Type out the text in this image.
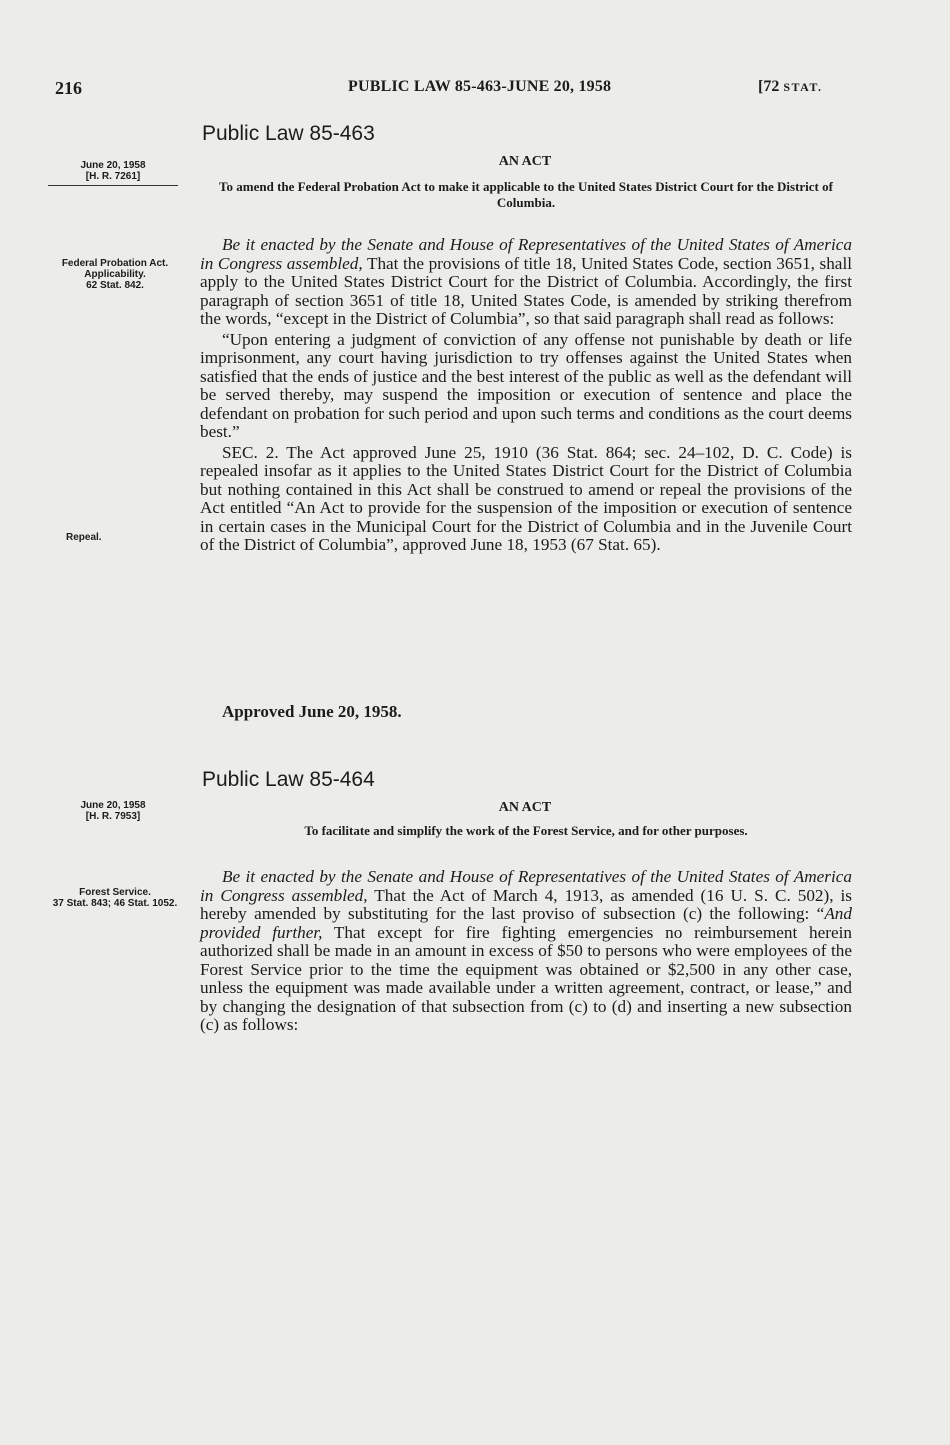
216	PUBLIC LAW 85-463-JUNE 20, 1958	[72 STAT.
Public Law 85-463
June 20, 1958
[H. R. 7261]
AN ACT
To amend the Federal Probation Act to make it applicable to the United States District Court for the District of Columbia.
Federal Probation Act.
Applicability.
62 Stat. 842.
Repeal.

Be it enacted by the Senate and House of Representatives of the United States of America in Congress assembled, That the provisions of title 18, United States Code, section 3651, shall apply to the United States District Court for the District of Columbia. Accordingly, the first paragraph of section 3651 of title 18, United States Code, is amended by striking therefrom the words, “except in the District of Columbia”, so that said paragraph shall read as follows:

“Upon entering a judgment of conviction of any offense not punishable by death or life imprisonment, any court having jurisdiction to try offenses against the United States when satisfied that the ends of justice and the best interest of the public as well as the defendant will be served thereby, may suspend the imposition or execution of sentence and place the defendant on probation for such period and upon such terms and conditions as the court deems best.”

SEC. 2. The Act approved June 25, 1910 (36 Stat. 864; sec. 24–102, D. C. Code) is repealed insofar as it applies to the United States District Court for the District of Columbia but nothing contained in this Act shall be construed to amend or repeal the provisions of the Act entitled “An Act to provide for the suspension of the imposition or execution of sentence in certain cases in the Municipal Court for the District of Columbia and in the Juvenile Court of the District of Columbia”, approved June 18, 1953 (67 Stat. 65).

Approved June 20, 1958.
Public Law 85-464
June 20, 1958
[H. R. 7953]
AN ACT
To facilitate and simplify the work of the Forest Service, and for other purposes.
Forest Service.
37 Stat. 843; 46 Stat. 1052.

Be it enacted by the Senate and House of Representatives of the United States of America in Congress assembled, That the Act of March 4, 1913, as amended (16 U. S. C. 502), is hereby amended by substituting for the last proviso of subsection (c) the following: “And provided further, That except for fire fighting emergencies no reimbursement herein authorized shall be made in an amount in excess of $50 to persons who were employees of the Forest Service prior to the time the equipment was obtained or $2,500 in any other case, unless the equipment was made available under a written agreement, contract, or lease,” and by changing the designation of that subsection from (c) to (d) and inserting a new subsection (c) as follows:
